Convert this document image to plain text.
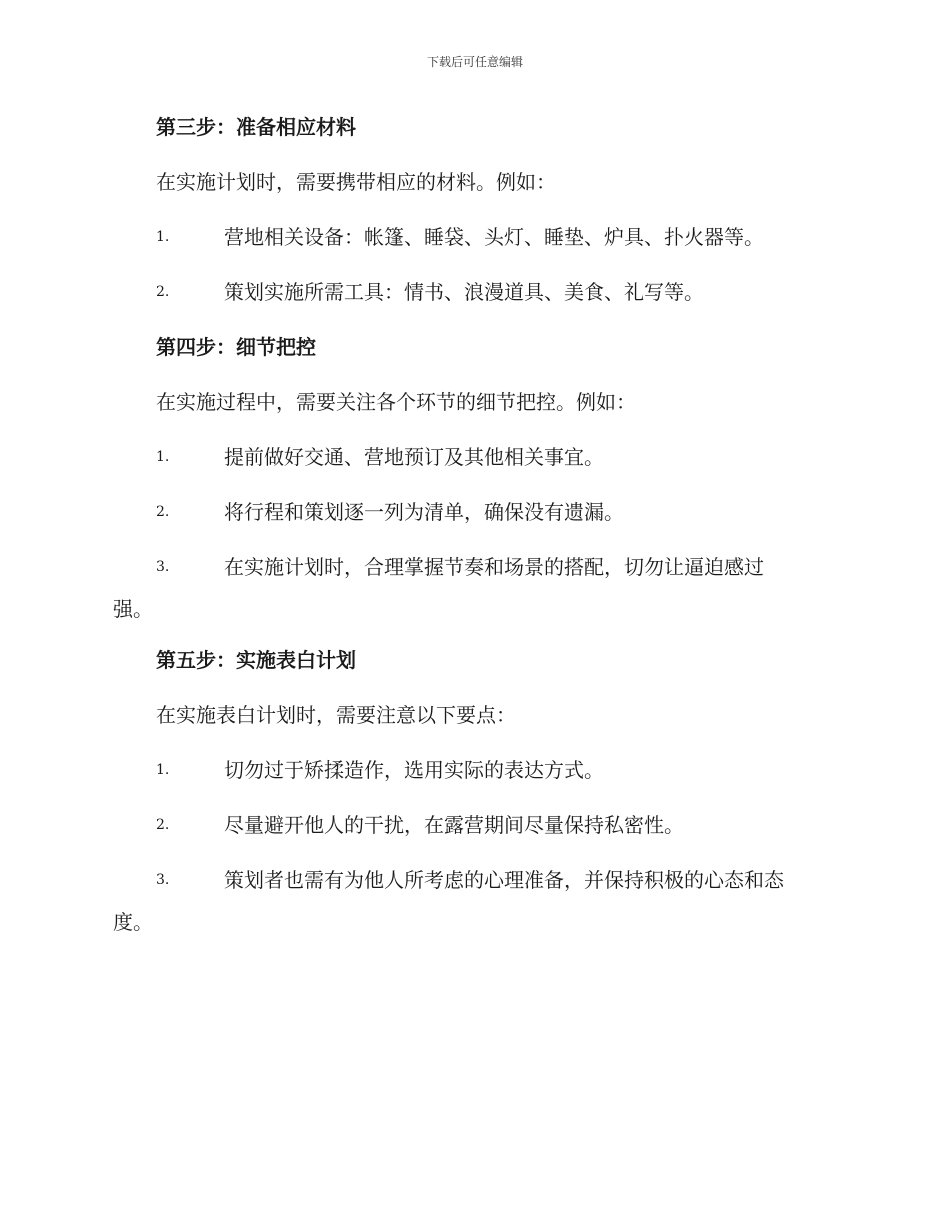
下载后可任意编辑
第三步：准备相应材料
在实施计划时，需要携带相应的材料。例如：
1.	营地相关设备：帐篷、睡袋、头灯、睡垫、炉具、扑火器等。
2.	策划实施所需工具：情书、浪漫道具、美食、礼写等。
第四步：细节把控
在实施过程中，需要关注各个环节的细节把控。例如：
1.	提前做好交通、营地预订及其他相关事宜。
2.	将行程和策划逐一列为清单，确保没有遗漏。
3.	在实施计划时，合理掌握节奏和场景的搭配，切勿让逼迫感过
强。
第五步：实施表白计划
在实施表白计划时，需要注意以下要点：
1.	切勿过于矫揉造作，选用实际的表达方式。
2.	尽量避开他人的干扰，在露营期间尽量保持私密性。
3.	策划者也需有为他人所考虑的心理准备，并保持积极的心态和态
度。
